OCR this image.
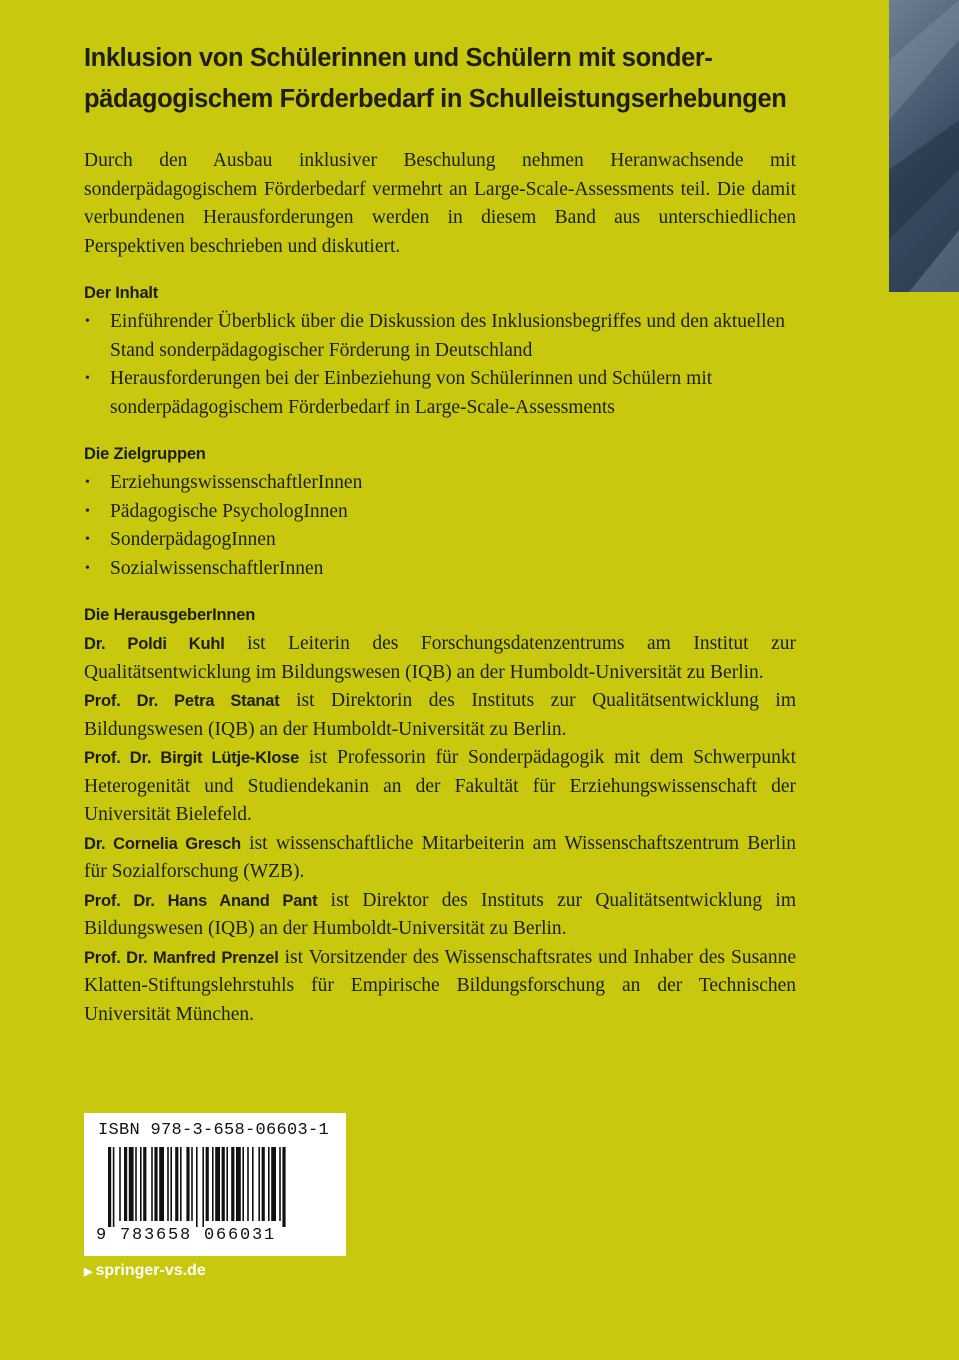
Inklusion von Schülerinnen und Schülern mit sonder-
pädagogischem Förderbedarf in Schulleistungserhebungen

Durch den Ausbau inklusiver Beschulung nehmen Heranwachsende mit sonderpädagogischem Förderbedarf vermehrt an Large-Scale-Assessments teil. Die damit verbundenen Herausforderungen werden in diesem Band aus unterschiedlichen Perspektiven beschrieben und diskutiert.

Der Inhalt
• Einführender Überblick über die Diskussion des Inklusionsbegriffes und den aktuellen Stand sonderpädagogischer Förderung in Deutschland
• Herausforderungen bei der Einbeziehung von Schülerinnen und Schülern mit sonderpädagogischem Förderbedarf in Large-Scale-Assessments
Die Zielgruppen
• ErziehungswissenschaftlerInnen
• Pädagogische PsychologInnen
• SonderpädagogInnen
• SozialwissenschaftlerInnen
Die HerausgeberInnen

Dr. Poldi Kuhl ist Leiterin des Forschungsdatenzentrums am Institut zur Qualitätsentwicklung im Bildungswesen (IQB) an der Humboldt-Universität zu Berlin.

Prof. Dr. Petra Stanat ist Direktorin des Instituts zur Qualitätsentwicklung im Bildungswesen (IQB) an der Humboldt-Universität zu Berlin.

Prof. Dr. Birgit Lütje-Klose ist Professorin für Sonderpädagogik mit dem Schwerpunkt Heterogenität und Studiendekanin an der Fakultät für Erziehungswissenschaft der Universität Bielefeld.

Dr. Cornelia Gresch ist wissenschaftliche Mitarbeiterin am Wissenschaftszentrum Berlin für Sozialforschung (WZB).

Prof. Dr. Hans Anand Pant ist Direktor des Instituts zur Qualitätsentwicklung im Bildungswesen (IQB) an der Humboldt-Universität zu Berlin.

Prof. Dr. Manfred Prenzel ist Vorsitzender des Wissenschaftsrates und Inhaber des Susanne Klatten-Stiftungslehrstuhls für Empirische Bildungsforschung an der Technischen Universität München.

ISBN 978-3-658-06603-1
9 783658 066031
▶ springer-vs.de
